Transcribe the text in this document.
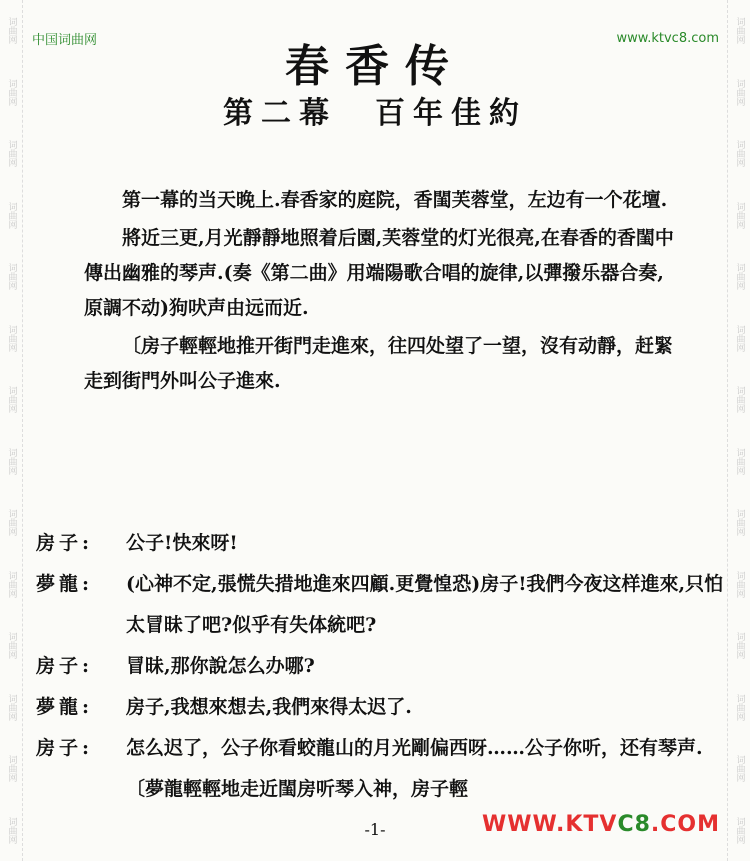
词曲网
词曲网
词曲网
词曲网
词曲网
词曲网
词曲网
词曲网
词曲网
词曲网
词曲网
词曲网
词曲网
词曲网
词曲网
词曲网
词曲网
词曲网
词曲网
词曲网
词曲网
词曲网
词曲网
词曲网
词曲网
词曲网
词曲网
词曲网
中国词曲网	www.ktvc8.com
春香传
第二幕　百年佳約

第一幕的当天晚上.春香家的庭院，香閨芙蓉堂，左边有一个花壇.

將近三更,月光靜靜地照着后園,芙蓉堂的灯光很亮,在春香的香閨中傳出幽雅的琴声.(奏《第二曲》用端陽歌合唱的旋律,以彈撥乐器合奏,原調不动)狗吠声由远而近.

〔房子輕輕地推开街門走進來，往四处望了一望，沒有动靜，赶緊走到街門外叫公子進來.

房子:	公子!快來呀!
夢龍:	(心神不定,張慌失措地進來四顧.更覺惶恐)房子!我們今夜这样進來,只怕太冒昧了吧?似乎有失体統吧?
房子:	冒昧,那你說怎么办哪?
夢龍:	房子,我想來想去,我們來得太迟了.
房子:	怎么迟了，公子你看蛟龍山的月光剛偏西呀……公子你听，还有琴声.〔夢龍輕輕地走近閨房听琴入神，房子輕
-1-	WWW.KTVC8.COM
